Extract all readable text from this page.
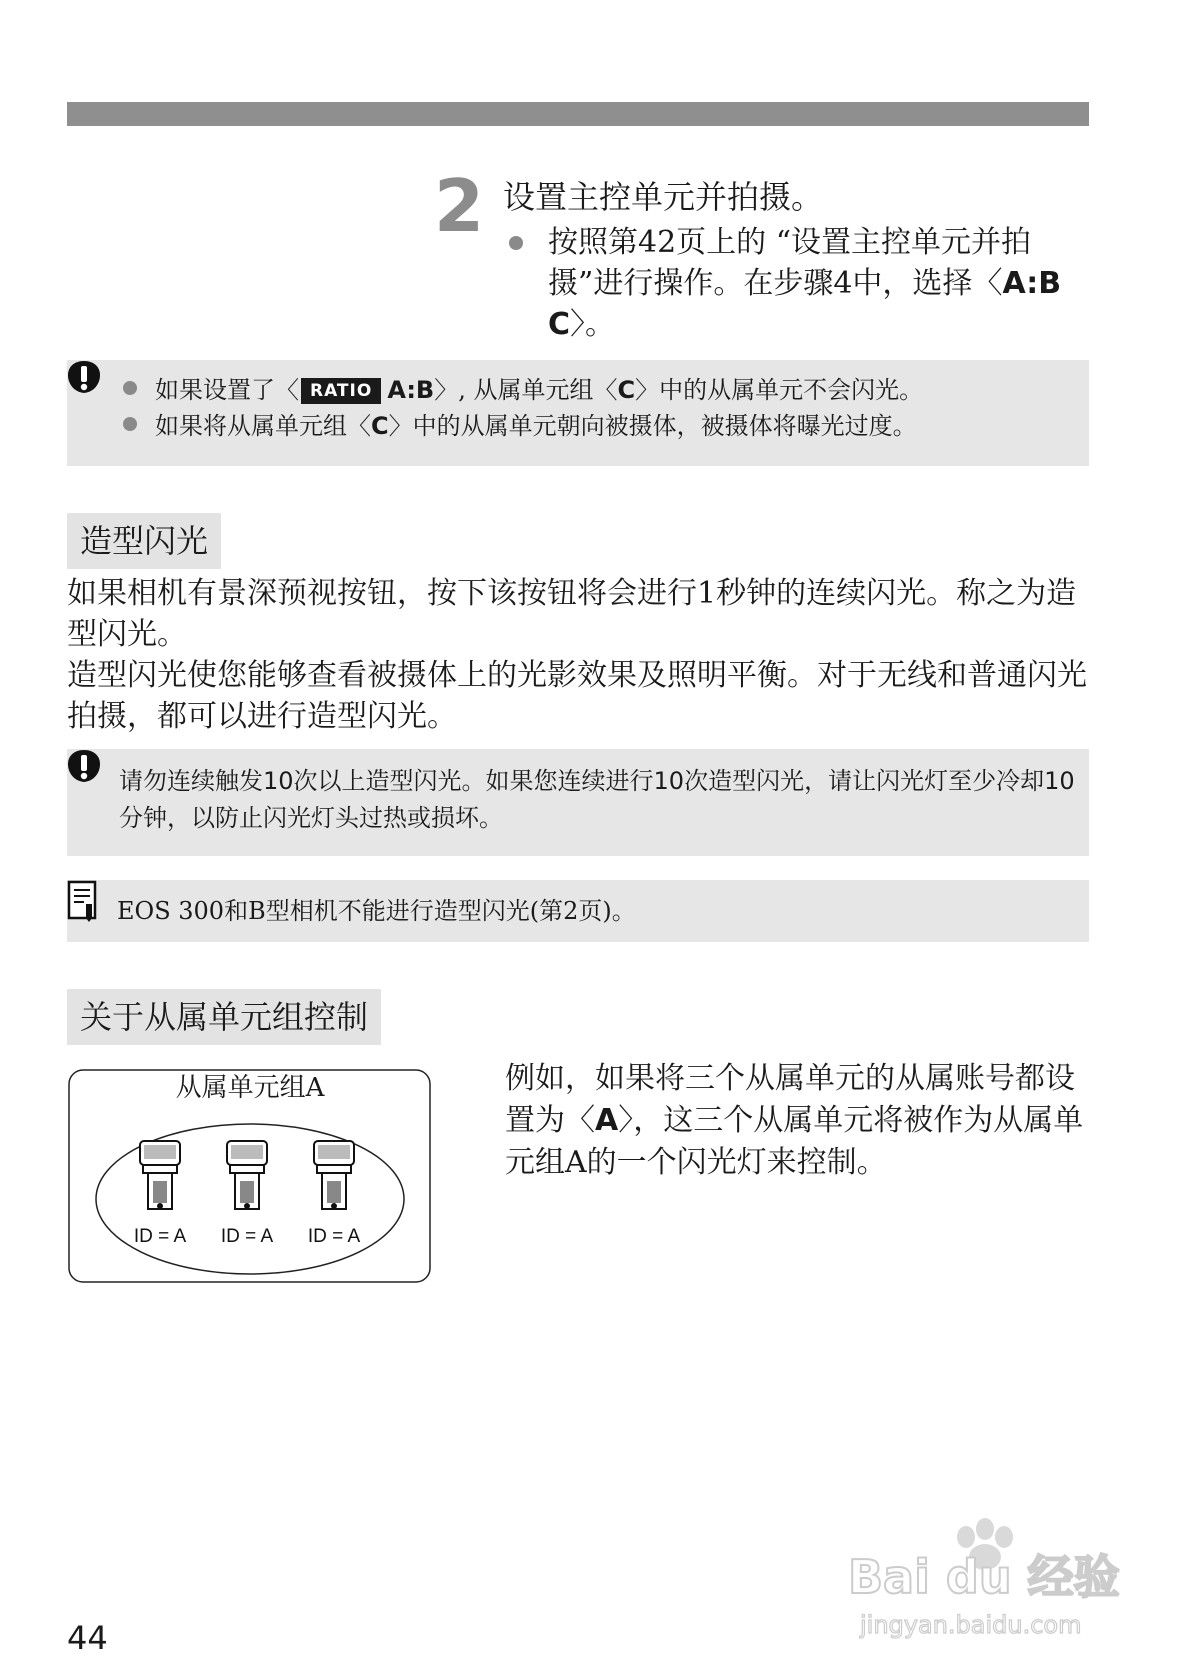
2 设置主控单元并拍摄。
按照第42页上的 “设置主控单元并拍摄”进行操作。在步骤4中，选择〈A:B C〉。
如果设置了〈 RATIO A:B〉, 从属单元组〈C〉中的从属单元不会闪光。
如果将从属单元组〈C〉中的从属单元朝向被摄体，被摄体将曝光过度。
造型闪光
如果相机有景深预视按钮，按下该按钮将会进行1秒钟的连续闪光。称之为造型闪光。
造型闪光使您能够查看被摄体上的光影效果及照明平衡。对于无线和普通闪光拍摄，都可以进行造型闪光。
请勿连续触发10次以上造型闪光。如果您连续进行10次造型闪光，请让闪光灯至少冷却10分钟，以防止闪光灯头过热或损坏。
EOS 300和B型相机不能进行造型闪光(第2页)。
关于从属单元组控制
ID = A ID = A ID = A
从属单元组A	例如，如果将三个从属单元的从属账号都设置为〈A〉，这三个从属单元将被作为从属单元组A的一个闪光灯来控制。
44
Bai du 经验
jingyan.baidu.com
